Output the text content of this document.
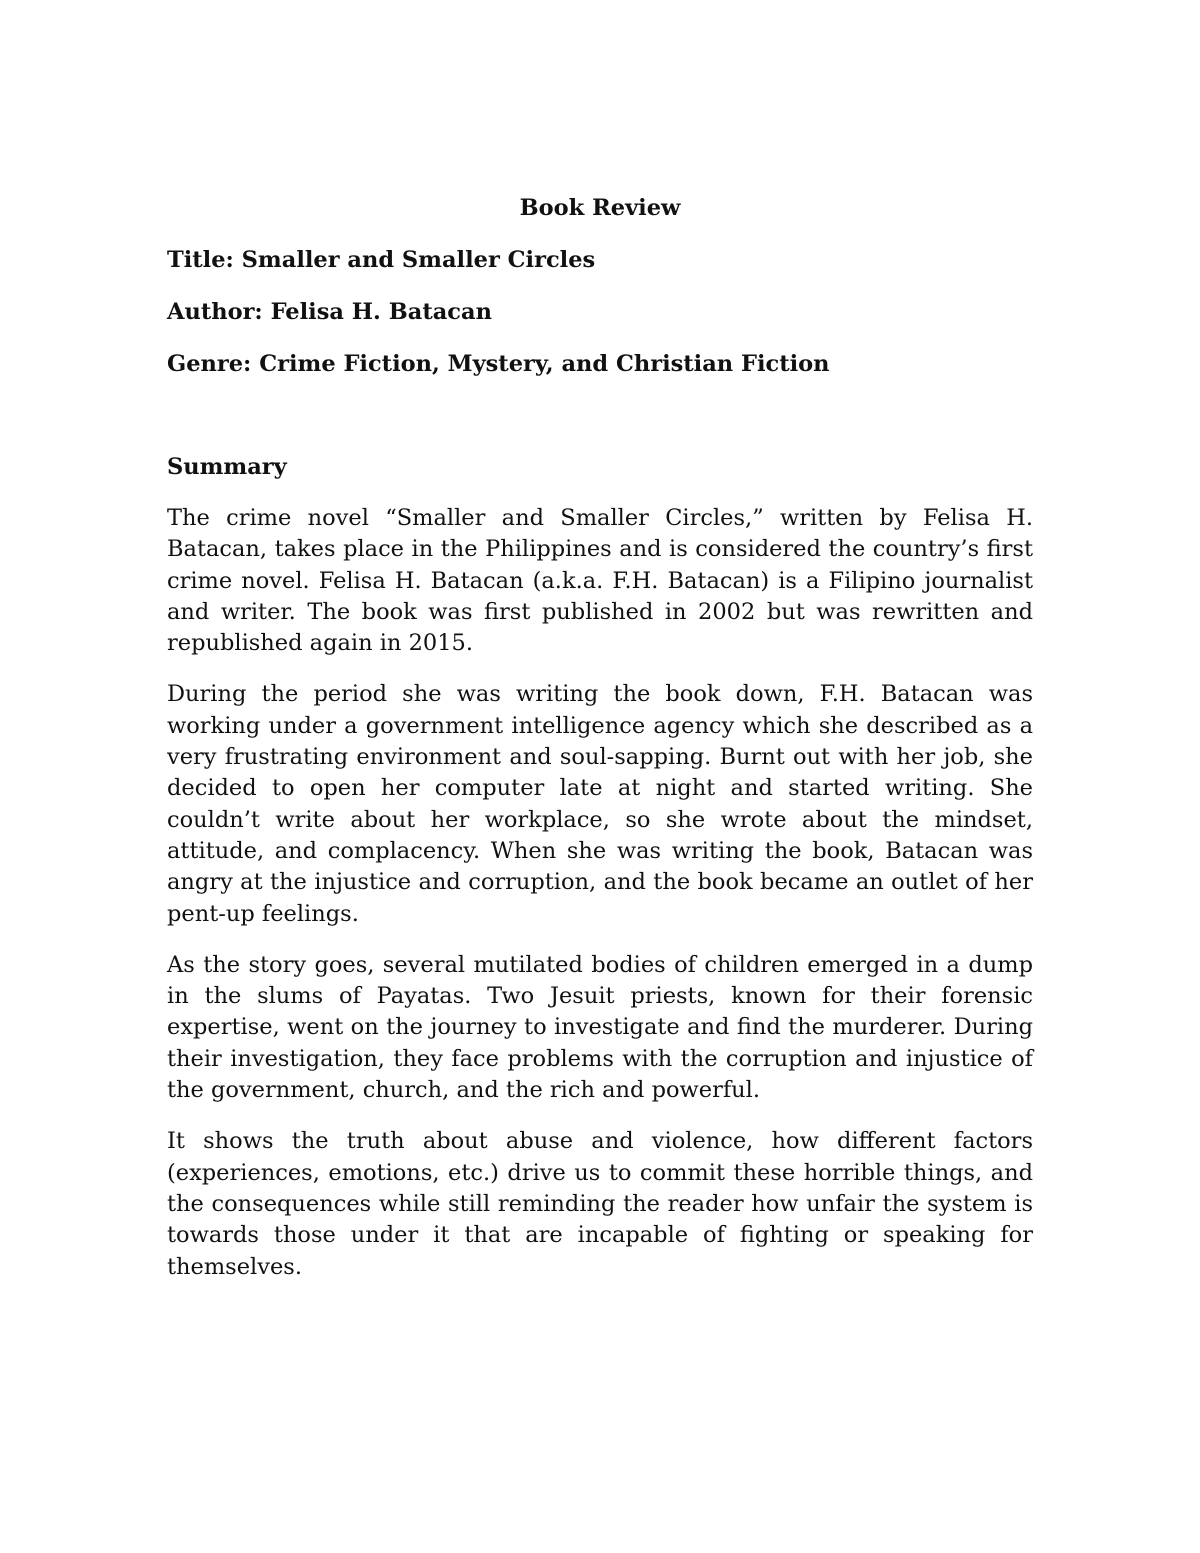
Book Review
Title: Smaller and Smaller Circles
Author: Felisa H. Batacan
Genre: Crime Fiction, Mystery, and Christian Fiction
Summary

The crime novel “Smaller and Smaller Circles,” written by Felisa H. Batacan, takes place in the Philippines and is considered the country’s first crime novel. Felisa H. Batacan (a.k.a. F.H. Batacan) is a Filipino journalist and writer. The book was first published in 2002 but was rewritten and republished again in 2015.

During the period she was writing the book down, F.H. Batacan was working under a government intelligence agency which she described as a very frustrating environment and soul-sapping. Burnt out with her job, she decided to open her computer late at night and started writing. She couldn’t write about her workplace, so she wrote about the mindset, attitude, and complacency. When she was writing the book, Batacan was angry at the injustice and corruption, and the book became an outlet of her pent-up feelings.

As the story goes, several mutilated bodies of children emerged in a dump in the slums of Payatas. Two Jesuit priests, known for their forensic expertise, went on the journey to investigate and find the murderer. During their investigation, they face problems with the corruption and injustice of the government, church, and the rich and powerful.

It shows the truth about abuse and violence, how different factors (experiences, emotions, etc.) drive us to commit these horrible things, and the consequences while still reminding the reader how unfair the system is towards those under it that are incapable of fighting or speaking for themselves.
